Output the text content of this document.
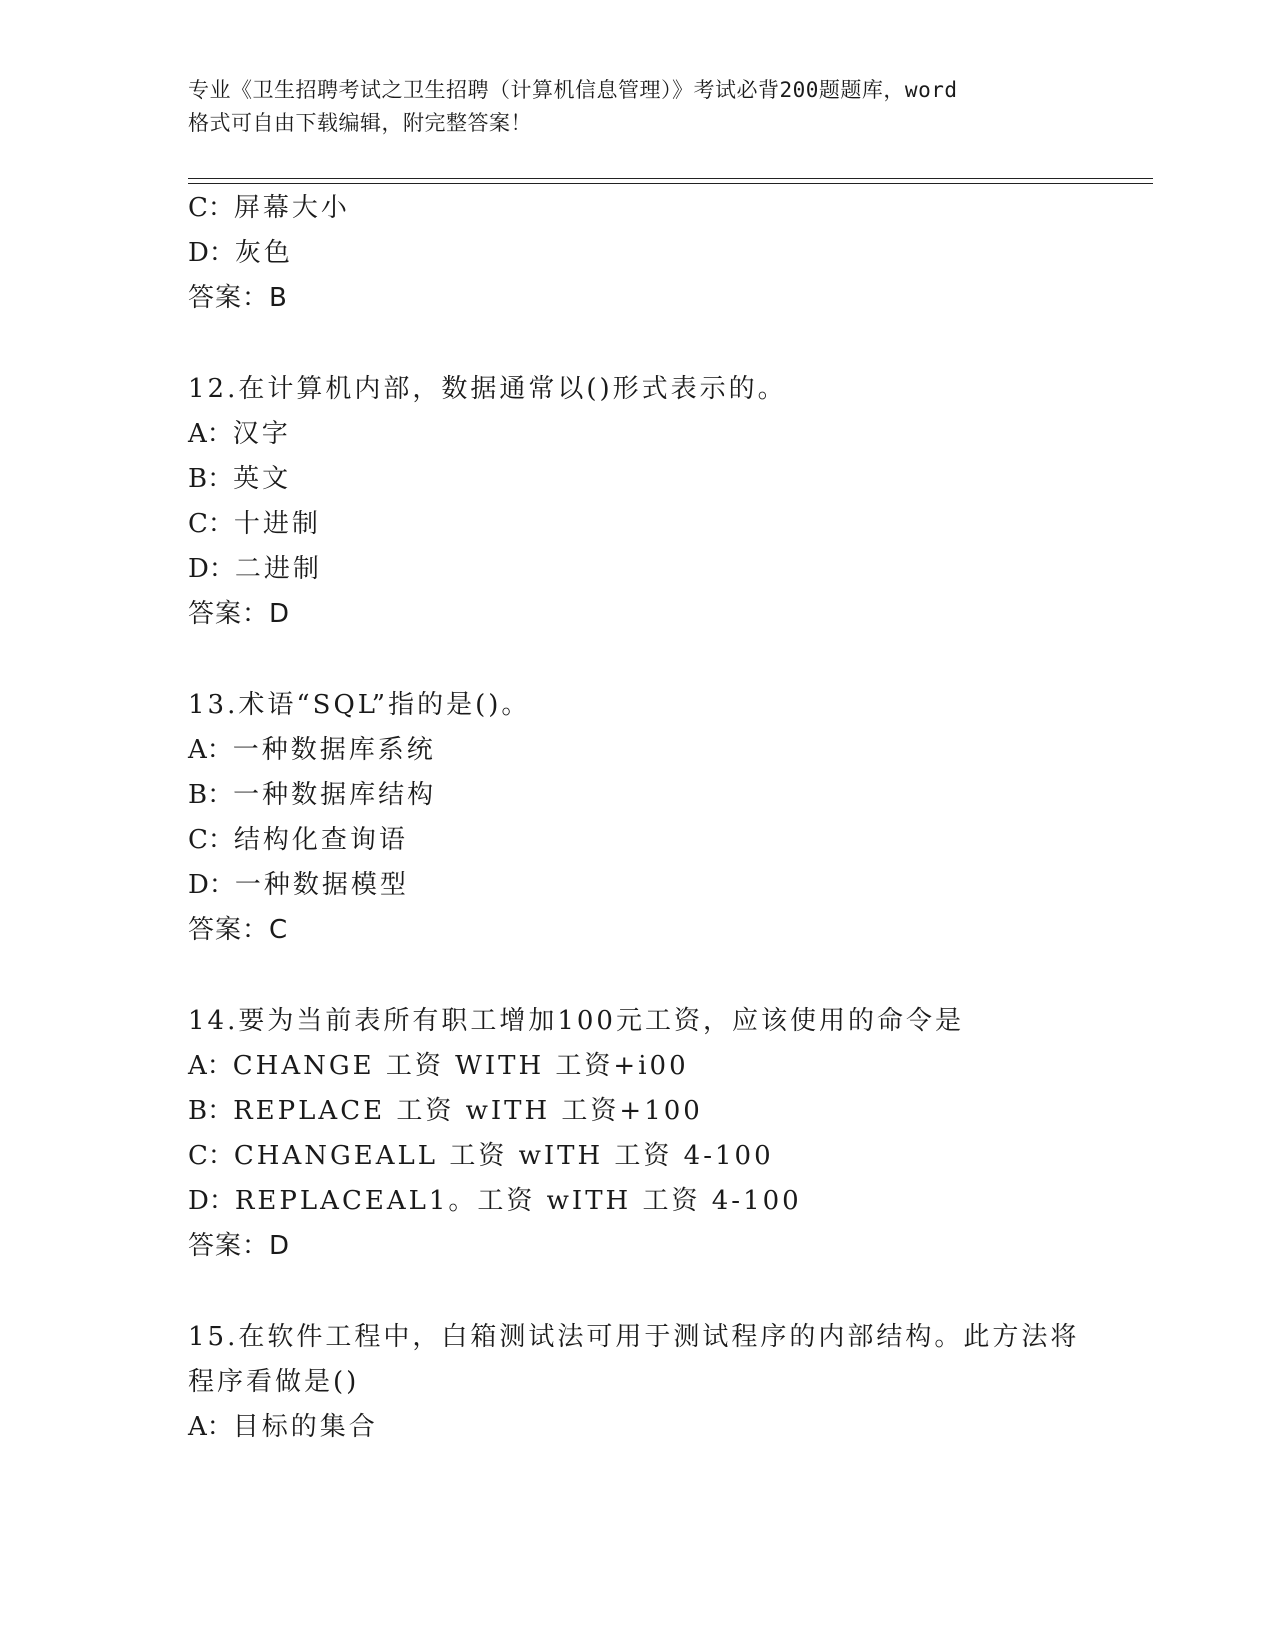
专业《卫生招聘考试之卫生招聘（计算机信息管理）》考试必背200题题库，word
格式可自由下载编辑，附完整答案！
C：屏幕大小
D：灰色
答案：B
12.在计算机内部，数据通常以()形式表示的。
A：汉字
B：英文
C：十进制
D：二进制
答案：D
13.术语“SQL”指的是()。
A：一种数据库系统
B：一种数据库结构
C：结构化查询语
D：一种数据模型
答案：C
14.要为当前表所有职工增加100元工资，应该使用的命令是
A：CHANGE 工资 WITH 工资+i00
B：REPLACE 工资 wITH 工资+100
C：CHANGEALL 工资 wITH 工资 4-100
D：REPLACEAL1。工资 wITH 工资 4-100
答案：D
15.在软件工程中，白箱测试法可用于测试程序的内部结构。此方法将
程序看做是()
A：目标的集合
